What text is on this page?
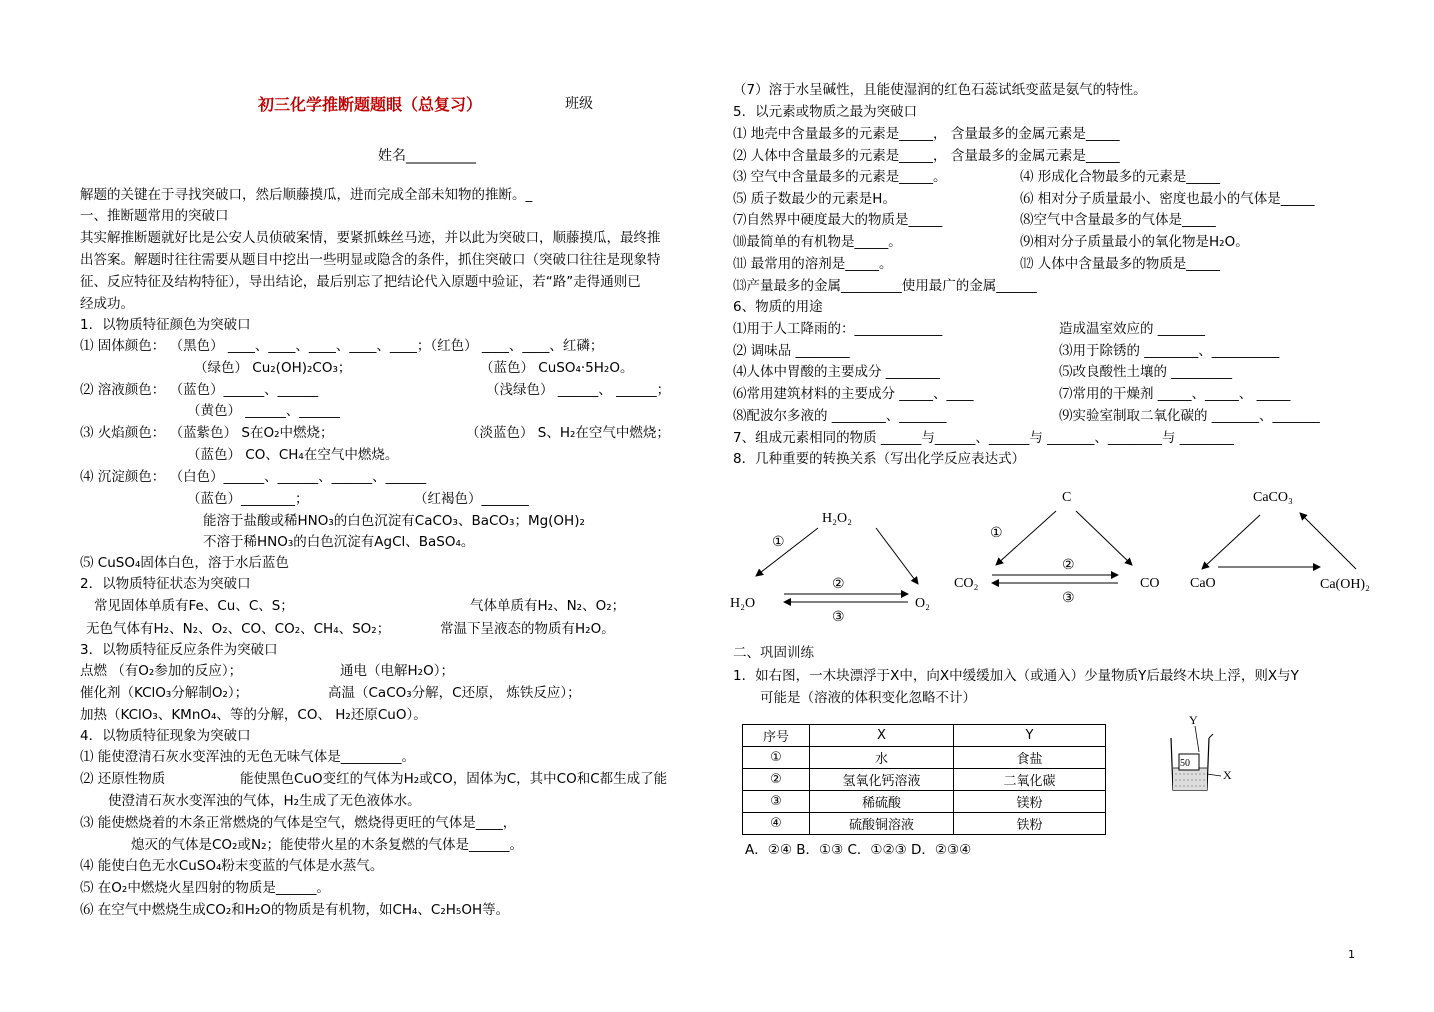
初三化学推断题题眼（总复习）	班级
姓名__________
解题的关键在于寻找突破口，然后顺藤摸瓜，进而完成全部未知物的推断。_
一、推断题常用的突破口
其实解推断题就好比是公安人员侦破案情，要紧抓蛛丝马迹，并以此为突破口，顺藤摸瓜，最终推
出答案。解题时往往需要从题目中挖出一些明显或隐含的条件，抓住突破口（突破口往往是现象特
征、反应特征及结构特征），导出结论，最后别忘了把结论代入原题中验证，若“路”走得通则已
经成功。
1．以物质特征颜色为突破口
⑴ 固体颜色： （黑色） ____、____、____、____、____；（红色） ____、____、红磷；
（绿色） Cu₂(OH)₂CO₃；	（蓝色） CuSO₄·5H₂O。
⑵ 溶液颜色： （蓝色）______、______	（浅绿色） ______、 ______；
（黄色） ______、______
⑶ 火焰颜色： （蓝紫色） S在O₂中燃烧；	（淡蓝色） S、H₂在空气中燃烧；
（蓝色） CO、CH₄在空气中燃烧。
⑷ 沉淀颜色： （白色）______、______、______、______
（蓝色）________；	（红褐色）_______
能溶于盐酸或稀HNO₃的白色沉淀有CaCO₃、BaCO₃；Mg(OH)₂
不溶于稀HNO₃的白色沉淀有AgCl、BaSO₄。
⑸ CuSO₄固体白色，溶于水后蓝色
2．以物质特征状态为突破口
常见固体单质有Fe、Cu、C、S；	气体单质有H₂、N₂、O₂；
无色气体有H₂、N₂、O₂、CO、CO₂、CH₄、SO₂；	常温下呈液态的物质有H₂O。
3．以物质特征反应条件为突破口
点燃 （有O₂参加的反应）；	通电（电解H₂O）；
催化剂（KClO₃分解制O₂）；	高温（CaCO₃分解，C还原， 炼铁反应）；
加热（KClO₃、KMnO₄、等的分解，CO、 H₂还原CuO）。
4．以物质特征现象为突破口
⑴ 能使澄清石灰水变浑浊的无色无味气体是_________。
⑵ 还原性物质	能使黑色CuO变红的气体为H₂或CO，固体为C，其中CO和C都生成了能
使澄清石灰水变浑浊的气体，H₂生成了无色液体水。
⑶ 能使燃烧着的木条正常燃烧的气体是空气，燃烧得更旺的气体是____，
熄灭的气体是CO₂或N₂；能使带火星的木条复燃的气体是______。
⑷ 能使白色无水CuSO₄粉末变蓝的气体是水蒸气。
⑸ 在O₂中燃烧火星四射的物质是______。
⑹ 在空气中燃烧生成CO₂和H₂O的物质是有机物，如CH₄、C₂H₅OH等。
（7）溶于水呈碱性，且能使湿润的红色石蕊试纸变蓝是氨气的特性。
5．以元素或物质之最为突破口
⑴ 地壳中含量最多的元素是_____， 含量最多的金属元素是_____
⑵ 人体中含量最多的元素是_____， 含量最多的金属元素是_____
⑶ 空气中含量最多的元素是_____。	⑷ 形成化合物最多的元素是_____
⑸ 质子数最少的元素是H。	⑹ 相对分子质量最小、密度也最小的气体是_____
⑺自然界中硬度最大的物质是_____	⑻空气中含量最多的气体是_____
⑽最简单的有机物是_____。	⑼相对分子质量最小的氧化物是H₂O。
⑾ 最常用的溶剂是_____。	⑿ 人体中含量最多的物质是_____
⒀产量最多的金属_________使用最广的金属______
6、物质的用途
⑴用于人工降雨的：_____________	造成温室效应的 _______
⑵ 调味品 ________	⑶用于除锈的 ________、__________
⑷人体中胃酸的主要成分 ________	⑸改良酸性土壤的 _________
⑹常用建筑材料的主要成分 _____、____	⑺常用的干燥剂 _____、_____、 _____
⑻配波尔多液的 ________、_______	⑼实验室制取二氧化碳的 _______、_______
7、组成元素相同的物质 ______与______、______与 _______、________与 ________
8．几种重要的转换关系（写出化学反应表达式）
二、巩固训练
1．如右图，一木块漂浮于X中，向X中缓缓加入（或通入）少量物质Y后最终木块上浮，则X与Y
可能是（溶液的体积变化忽略不计）
A．②④ B．①③ C．①②③ D．②③④
H₂O₂
H₂O	O₂
①
②
③
C
CO₂	CO
①
②
③
CaCO₃
CaO	Ca(OH)₂
序号	X	Y
①	水	食盐
②	氢氧化钙溶液	二氧化碳
③	稀硫酸	镁粉
④	硫酸铜溶液	铁粉
Y
50
X
1
